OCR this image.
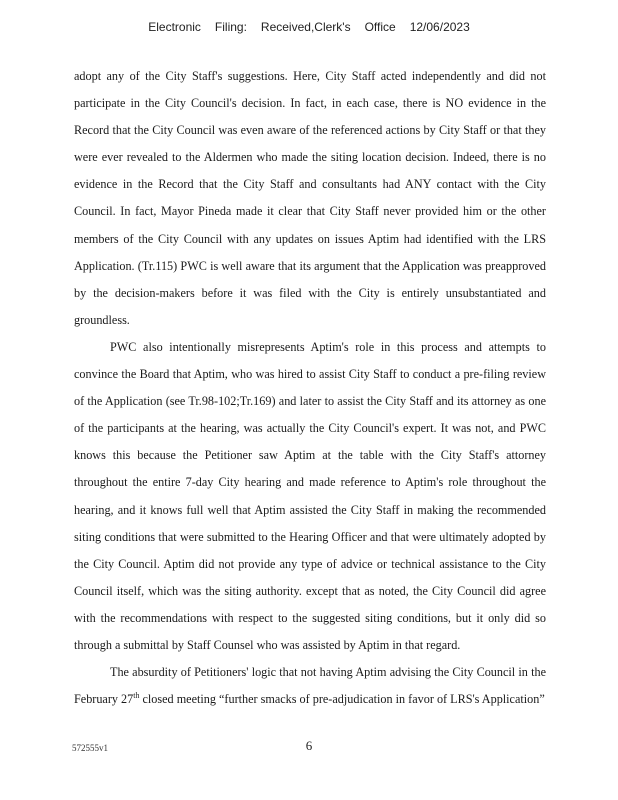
Electronic Filing: Received,Clerk's Office 12/06/2023

adopt any of the City Staff's suggestions. Here, City Staff acted independently and did not participate in the City Council's decision. In fact, in each case, there is NO evidence in the Record that the City Council was even aware of the referenced actions by City Staff or that they were ever revealed to the Aldermen who made the siting location decision. Indeed, there is no evidence in the Record that the City Staff and consultants had ANY contact with the City Council. In fact, Mayor Pineda made it clear that City Staff never provided him or the other members of the City Council with any updates on issues Aptim had identified with the LRS Application. (Tr.115) PWC is well aware that its argument that the Application was preapproved by the decision-makers before it was filed with the City is entirely unsubstantiated and groundless.

PWC also intentionally misrepresents Aptim's role in this process and attempts to convince the Board that Aptim, who was hired to assist City Staff to conduct a pre-filing review of the Application (see Tr.98-102;Tr.169) and later to assist the City Staff and its attorney as one of the participants at the hearing, was actually the City Council's expert. It was not, and PWC knows this because the Petitioner saw Aptim at the table with the City Staff's attorney throughout the entire 7-day City hearing and made reference to Aptim's role throughout the hearing, and it knows full well that Aptim assisted the City Staff in making the recommended siting conditions that were submitted to the Hearing Officer and that were ultimately adopted by the City Council. Aptim did not provide any type of advice or technical assistance to the City Council itself, which was the siting authority. except that as noted, the City Council did agree with the recommendations with respect to the suggested siting conditions, but it only did so through a submittal by Staff Counsel who was assisted by Aptim in that regard.

The absurdity of Petitioners' logic that not having Aptim advising the City Council in the February 27th closed meeting “further smacks of pre-adjudication in favor of LRS's Application”

572555v1	6
